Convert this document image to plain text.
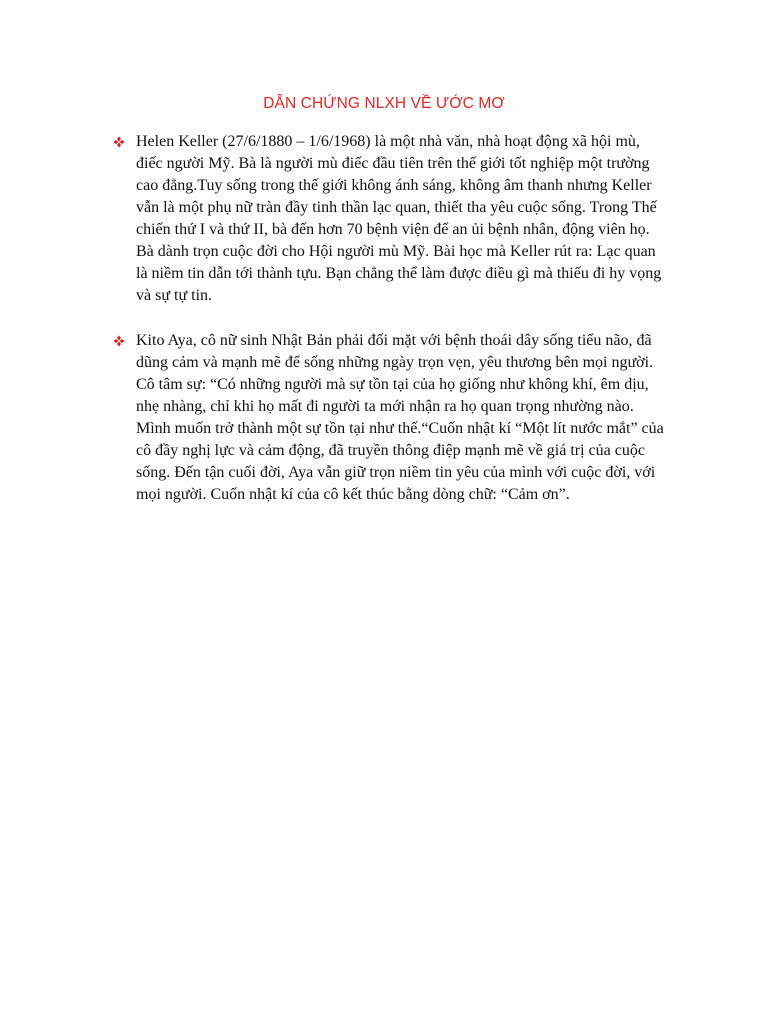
DẪN CHỨNG NLXH VỀ ƯỚC MƠ
Helen Keller (27/6/1880 – 1/6/1968) là một nhà văn, nhà hoạt động xã hội mù,
điếc người Mỹ. Bà là người mù điếc đầu tiên trên thế giới tốt nghiệp một trường
cao đẳng.Tuy sống trong thế giới không ánh sáng, không âm thanh nhưng Keller
vẫn là một phụ nữ tràn đầy tinh thần lạc quan, thiết tha yêu cuộc sống. Trong Thế
chiến thứ I và thứ II, bà đến hơn 70 bệnh viện để an ủi bệnh nhân, động viên họ.
Bà dành trọn cuộc đời cho Hội người mù Mỹ. Bài học mà Keller rút ra: Lạc quan
là niềm tin dẫn tới thành tựu. Bạn chẳng thể làm được điều gì mà thiếu đi hy vọng
và sự tự tin.
Kito Aya, cô nữ sinh Nhật Bản phải đối mặt với bệnh thoái dây sống tiểu não, đã
dũng cảm và mạnh mẽ để sống những ngày trọn vẹn, yêu thương bên mọi người.
Cô tâm sự: “Có những người mà sự tồn tại của họ giống như không khí, êm dịu,
nhẹ nhàng, chỉ khi họ mất đi người ta mới nhận ra họ quan trọng nhường nào.
Mình muốn trở thành một sự tồn tại như thế.“Cuốn nhật kí “Một lít nước mắt” của
cô đầy nghị lực và cảm động, đã truyền thông điệp mạnh mẽ về giá trị của cuộc
sống. Đến tận cuối đời, Aya vẫn giữ trọn niềm tin yêu của mình với cuộc đời, với
mọi người. Cuốn nhật kí của cô kết thúc bằng dòng chữ: “Cảm ơn”.
